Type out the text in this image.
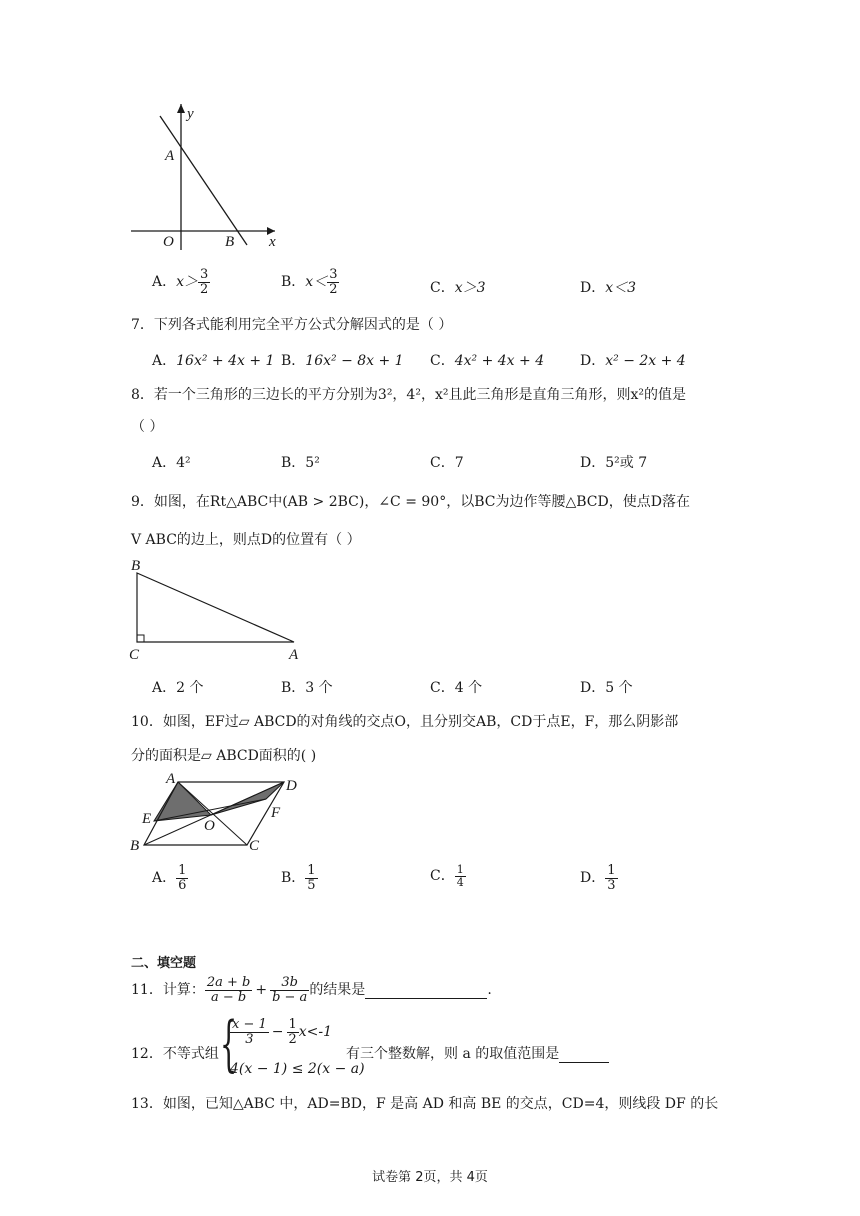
y
A
O	B x
A．$x> \frac{3}{2}$	B．$x< \frac{3}{2}$	C．x＞3	D．x＜3
7．下列各式能利用完全平方公式分解因式的是（ ）
A．16x² + 4x + 1 B．16x² − 8x + 1 C．4x² + 4x + 4	D．x² − 2x + 4
8．若一个三角形的三边长的平方分别为3²，4²，x²且此三角形是直角三角形，则x²的值是
（ ）
A．4²	B．5²	C．7	D．5²或 7
9．如图，在Rt△ABC中(AB > 2BC)，∠C = 90°，以BC为边作等腰△BCD，使点D落在
V ABC的边上，则点D的位置有（ ）
B
C	A
A．2 个	B．3 个	C．4 个	D．5 个
10．如图，EF过▱ ABCD的对角线的交点O，且分别交AB，CD于点E，F，那么阴影部
分的面积是▱ ABCD面积的( )
A	D
E	O
F
B	C
A． $\frac{1}{6}$	B． $\frac{1}{5}$	C． $\frac{1}{4}$	D． $\frac{1}{3}$
二、填空题
11．计算： $\frac{2a + b}{a - b} + \frac{3b}{b - a}$ 的结果是	.
12．不等式组 {
$\frac{x - 1}{3} - \frac{1}{2} x<-1$
4(x − 1) ≤ 2(x − a)
有三个整数解，则 a 的取值范围是
13．如图，已知△ABC 中，AD=BD，F 是高 AD 和高 BE 的交点，CD=4，则线段 DF 的长
试卷第 2页，共 4页
